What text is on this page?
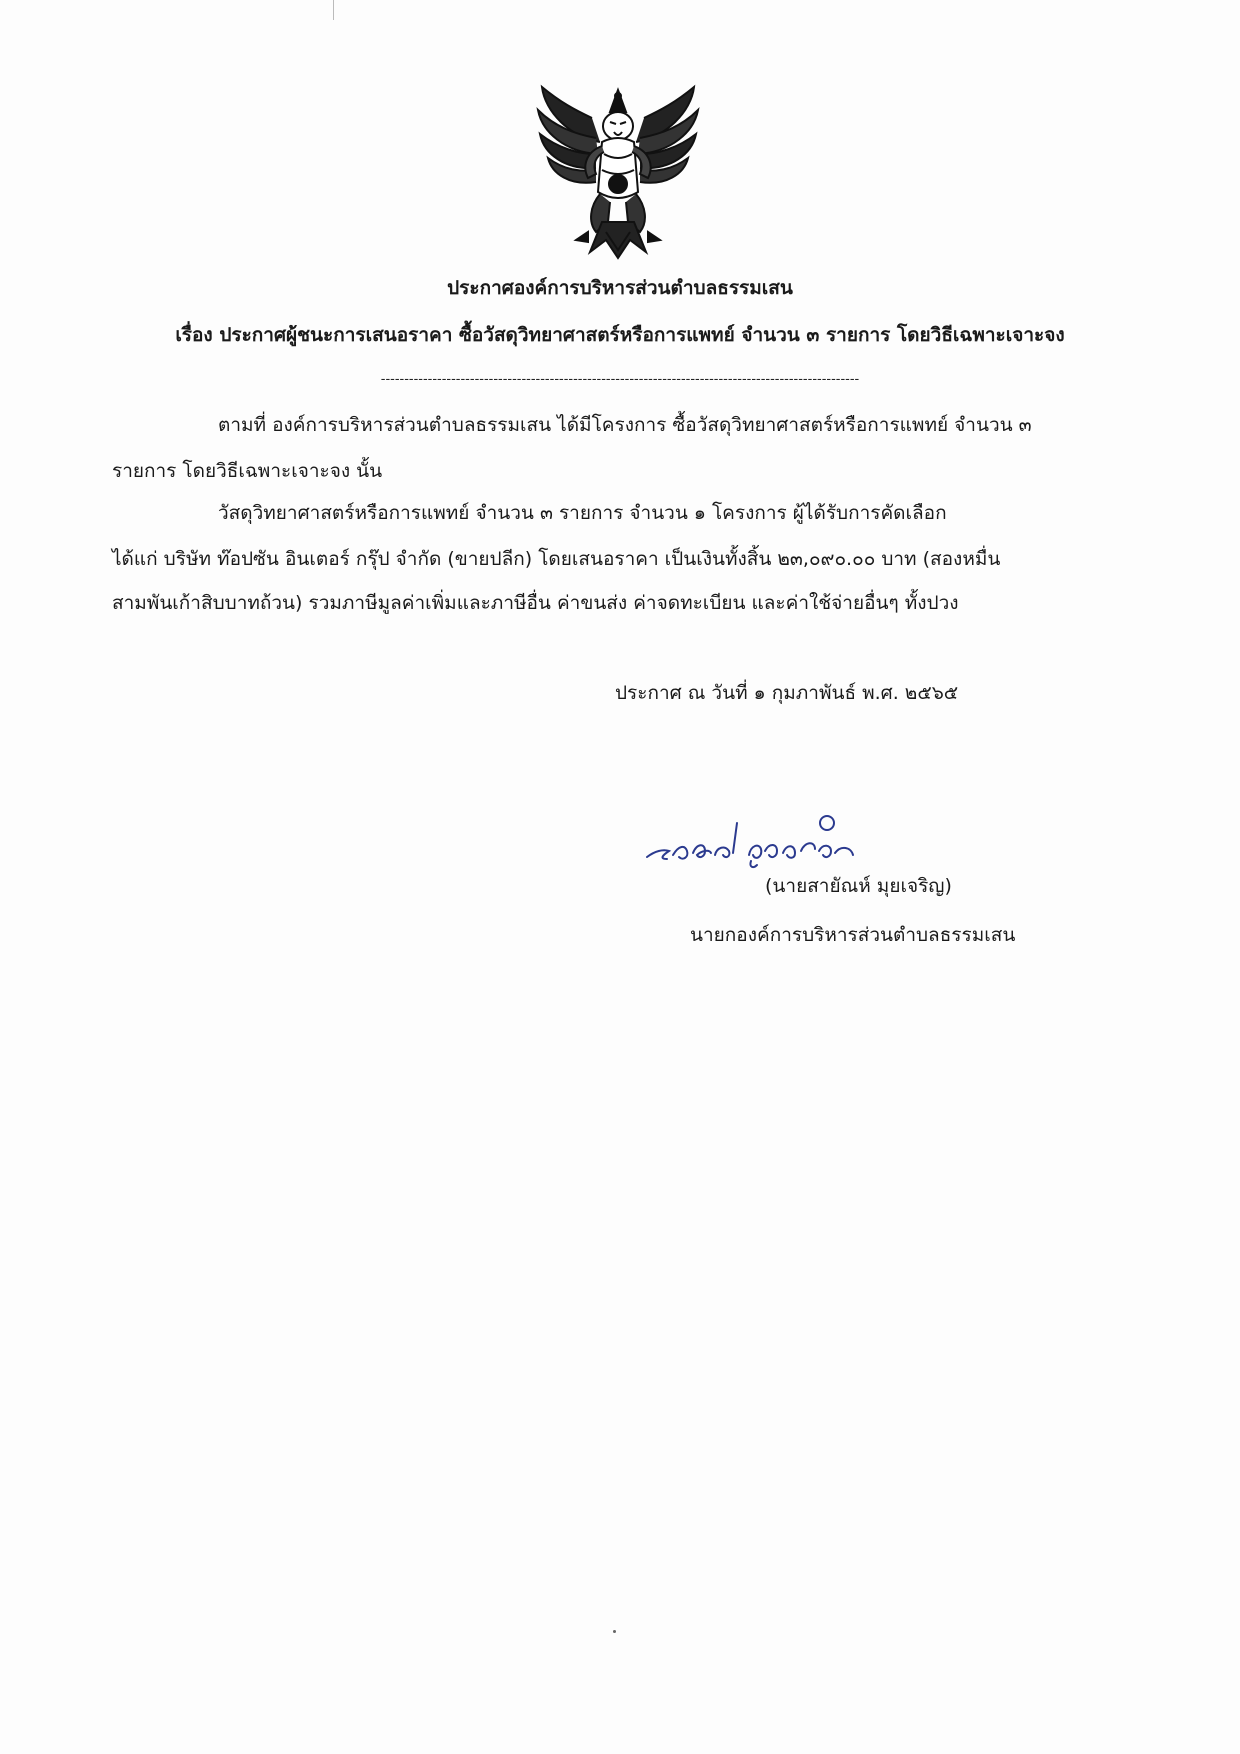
ประกาศองค์การบริหารส่วนตำบลธรรมเสน
เรื่อง ประกาศผู้ชนะการเสนอราคา ซื้อวัสดุวิทยาศาสตร์หรือการแพทย์ จำนวน ๓ รายการ โดยวิธีเฉพาะเจาะจง
------------------------------------------------------------------------------------------------------
ตามที่ องค์การบริหารส่วนตำบลธรรมเสน ได้มีโครงการ ซื้อวัสดุวิทยาศาสตร์หรือการแพทย์ จำนวน ๓
รายการ โดยวิธีเฉพาะเจาะจง นั้น
วัสดุวิทยาศาสตร์หรือการแพทย์ จำนวน ๓ รายการ จำนวน ๑ โครงการ ผู้ได้รับการคัดเลือก
ได้แก่ บริษัท ท๊อปซัน อินเตอร์ กรุ๊ป จำกัด (ขายปลีก) โดยเสนอราคา เป็นเงินทั้งสิ้น ๒๓,๐๙๐.๐๐ บาท (สองหมื่น
สามพันเก้าสิบบาทถ้วน) รวมภาษีมูลค่าเพิ่มและภาษีอื่น ค่าขนส่ง ค่าจดทะเบียน และค่าใช้จ่ายอื่นๆ ทั้งปวง
ประกาศ ณ วันที่ ๑ กุมภาพันธ์ พ.ศ. ๒๕๖๕
(นายสายัณห์ มุยเจริญ)
นายกองค์การบริหารส่วนตำบลธรรมเสน
